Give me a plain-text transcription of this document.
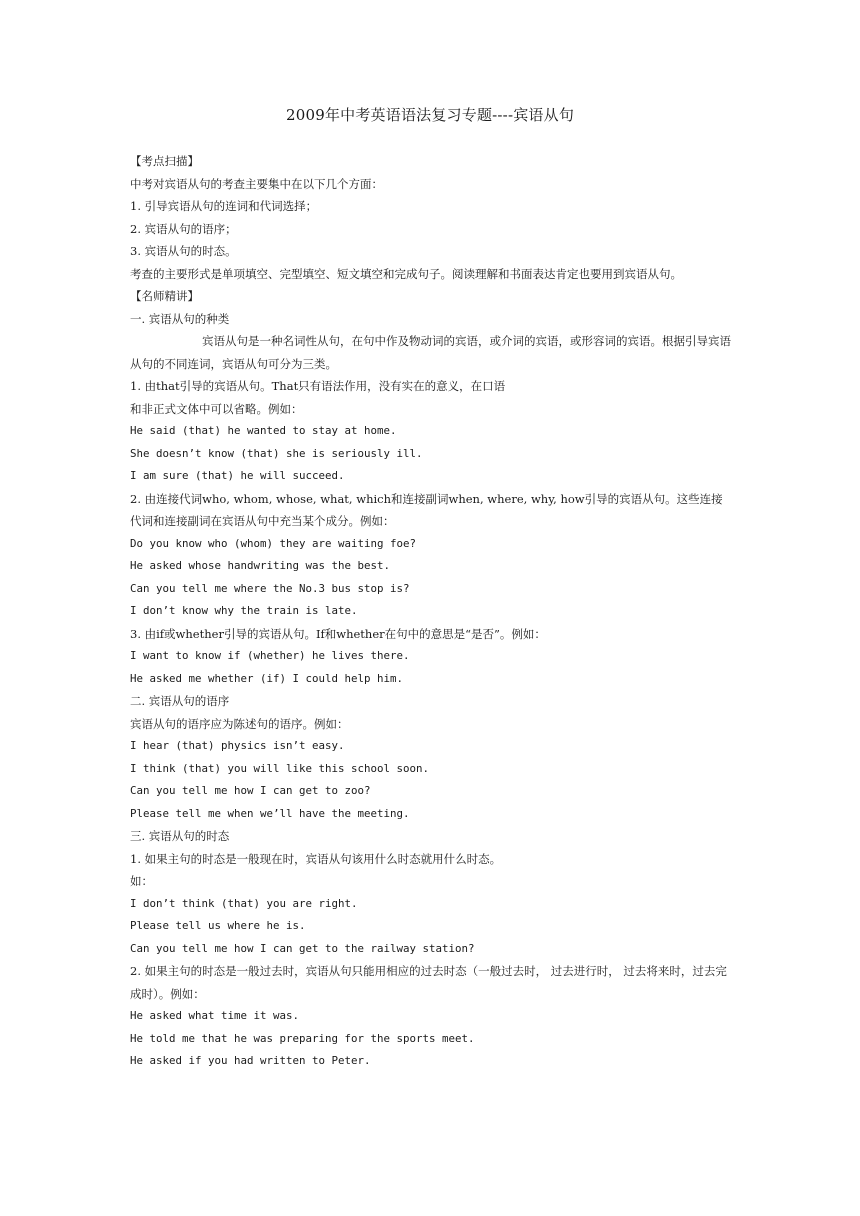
2009年中考英语语法复习专题----宾语从句
【考点扫描】
中考对宾语从句的考查主要集中在以下几个方面：
1. 引导宾语从句的连词和代词选择；
2. 宾语从句的语序；
3. 宾语从句的时态。
考查的主要形式是单项填空、完型填空、短文填空和完成句子。阅读理解和书面表达肯定也要用到宾语从句。
【名师精讲】
一. 宾语从句的种类
宾语从句是一种名词性从句，在句中作及物动词的宾语，或介词的宾语，或形容词的宾语。根据引导宾语从句的不同连词，宾语从句可分为三类。
1. 由that引导的宾语从句。That只有语法作用，没有实在的意义，在口语
和非正式文体中可以省略。例如：
He said (that) he wanted to stay at home.
She doesn’t know (that) she is seriously ill.
I am sure (that) he will succeed.
2. 由连接代词who, whom, whose, what, which和连接副词when, where, why, how引导的宾语从句。这些连接代词和连接副词在宾语从句中充当某个成分。例如：
Do you know who (whom) they are waiting foe?
He asked whose handwriting was the best.
Can you tell me where the No.3 bus stop is?
I don’t know why the train is late.
3. 由if或whether引导的宾语从句。If和whether在句中的意思是“是否”。例如：
I want to know if (whether) he lives there.
He asked me whether (if) I could help him.
二. 宾语从句的语序
宾语从句的语序应为陈述句的语序。例如：
I hear (that) physics isn’t easy.
I think (that) you will like this school soon.
Can you tell me how I can get to zoo?
Please tell me when we’ll have the meeting.
三. 宾语从句的时态
1. 如果主句的时态是一般现在时，宾语从句该用什么时态就用什么时态。
如：
I don’t think (that) you are right.
Please tell us where he is.
Can you tell me how I can get to the railway station?
2. 如果主句的时态是一般过去时，宾语从句只能用相应的过去时态（一般过去时， 过去进行时， 过去将来时，过去完成时）。例如：
He asked what time it was.
He told me that he was preparing for the sports meet.
He asked if you had written to Peter.
